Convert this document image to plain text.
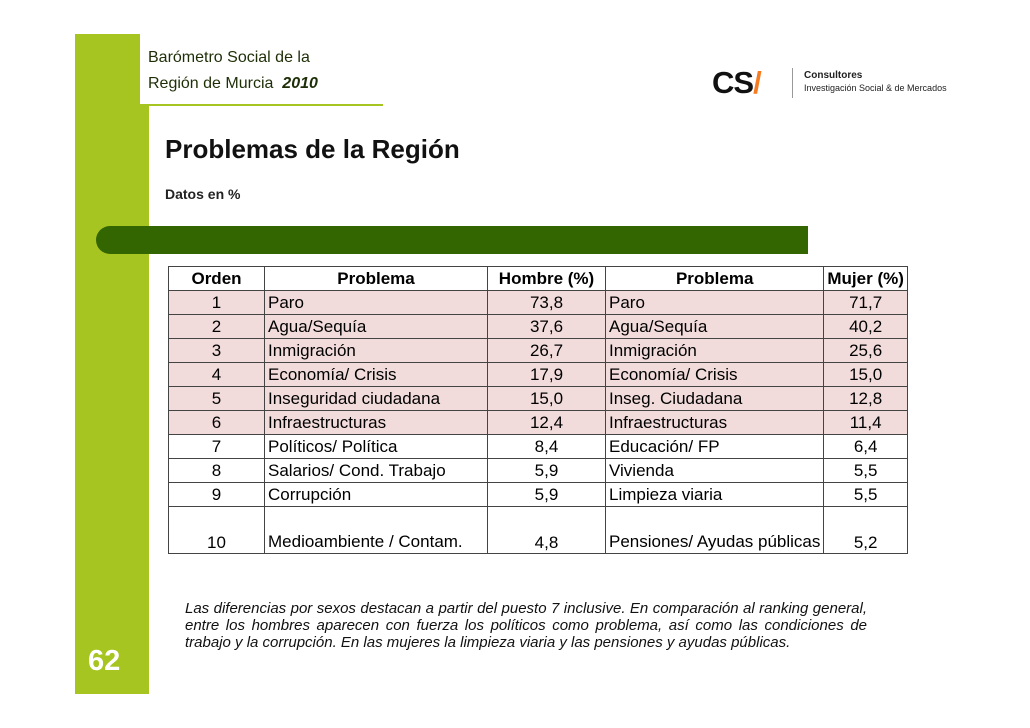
Barómetro Social de la
Región de Murcia 2010	CS/	Consultores
Investigación Social & de Mercados
Problemas de la Región
Datos en %
Orden	Problema	Hombre (%)	Problema	Mujer (%)
1	Paro	73,8	Paro	71,7
2	Agua/Sequía	37,6	Agua/Sequía	40,2
3	Inmigración	26,7	Inmigración	25,6
4	Economía/ Crisis	17,9	Economía/ Crisis	15,0
5	Inseguridad ciudadana	15,0	Inseg. Ciudadana	12,8
6	Infraestructuras	12,4	Infraestructuras	11,4
7	Políticos/ Política	8,4	Educación/ FP	6,4
8	Salarios/ Cond. Trabajo	5,9	Vivienda	5,5
9	Corrupción	5,9	Limpieza viaria	5,5
10	Medioambiente / Contam.	4,8	Pensiones/ Ayudas públicas	5,2
Las diferencias por sexos destacan a partir del puesto 7 inclusive. En comparación al ranking general, entre los hombres aparecen con fuerza los políticos como problema, así como las condiciones de trabajo y la corrupción. En las mujeres la limpieza viaria y las pensiones y ayudas públicas.
62
